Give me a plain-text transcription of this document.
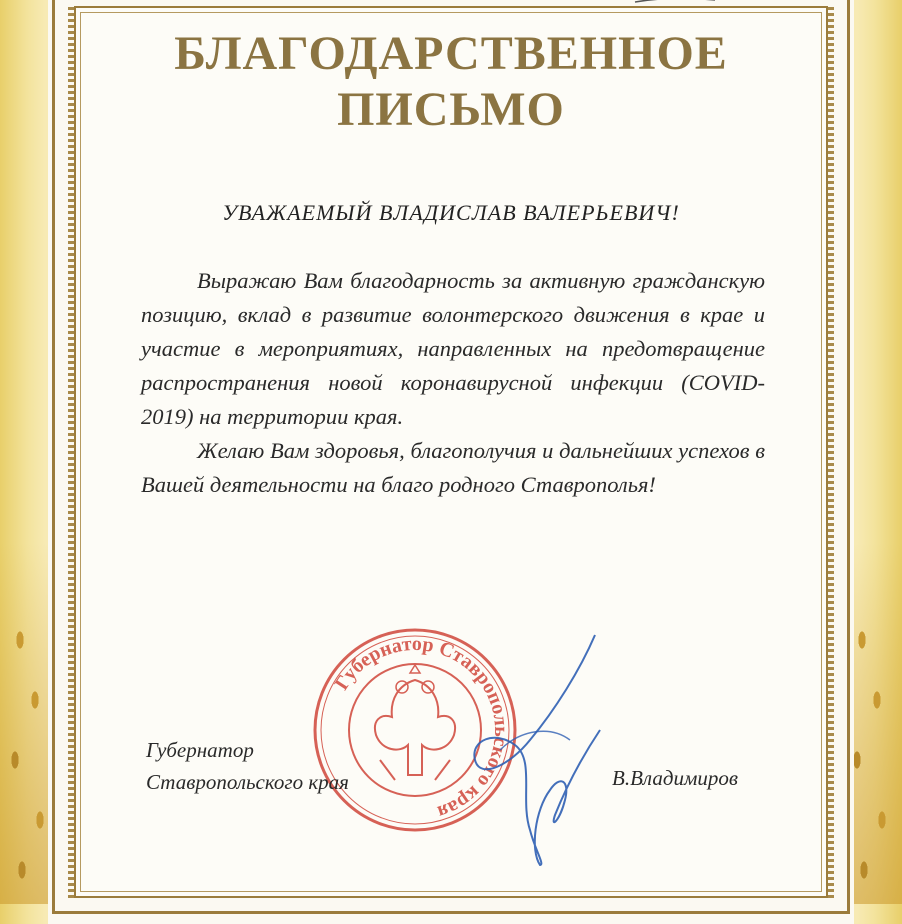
БЛАГОДАРСТВЕННОЕ
ПИСЬМО
УВАЖАЕМЫЙ ВЛАДИСЛАВ ВАЛЕРЬЕВИЧ!

Выражаю Вам благодарность за активную гражданскую позицию, вклад в развитие волонтерского движения в крае и участие в мероприятиях, направленных на предотвращение распространения новой коронавирусной инфекции (COVID-2019) на территории края.

Желаю Вам здоровья, благополучия и дальнейших успехов в Вашей деятельности на благо родного Ставрополья!

Губернатор Ставропольского края
Губернатор
Ставропольского края	В.Владимиров
